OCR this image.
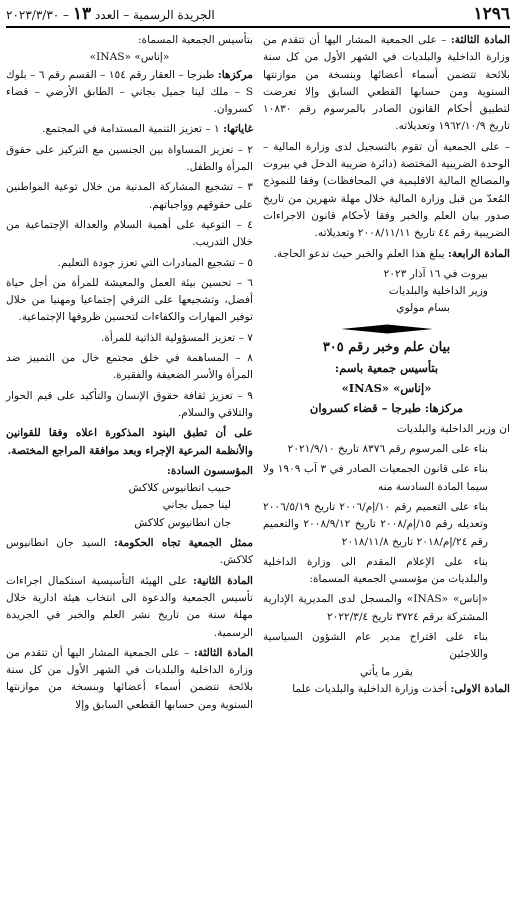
١٢٩٦
الجريدة الرسمية – العدد ١٣ – ٢٠٢٣/٣/٣٠

المادة الثالثة: – على الجمعية المشار اليها أن تتقدم من وزارة الداخلية والبلديات في الشهر الأول من كل سنة بلائحة تتضمن أسماء أعضائها وبنسخة من موازنتها السنوية ومن حسابها القطعي السابق وإلا تعرضت لتطبيق أحكام القانون الصادر بالمرسوم رقم ١٠٨٣٠ تاريخ ١٩٦٢/١٠/٩ وتعديلاته.

– على الجمعية أن تقوم بالتسجيل لدى وزارة المالية – الوحدة الضريبية المختصة (دائرة ضريبة الدخل في بيروت والمصالح المالية الاقليمية في المحافظات) وفقا للنموذج المُعدّ من قبل وزارة المالية خلال مهلة شهرين من تاريخ صدور بيان العلم والخبر وفقا لأحكام قانون الاجراءات الضريبية رقم ٤٤ تاريخ ٢٠٠٨/١١/١١ وتعديلاته.

المادة الرابعة: يبلغ هذا العلم والخبر حيث تدعو الحاجة.

بيروت في ١٦ آذار ٢٠٢٣

وزير الداخلية والبلديات

بسام مولوي

بيان علم وخبر رقم ٣٠٥

بتأسيس جمعية باسم:

«إناس» «INAS»

مركزها: طبرجا – قضاء كسروان

ان وزير الداخلية والبلديات

بناء على المرسوم رقم ٨٣٧٦ تاريخ ٢٠٢١/٩/١٠

بناء على قانون الجمعيات الصادر في ٣ آب ١٩٠٩ ولا سيما المادة السادسة منه

بناء على التعميم رقم ١٠/إم/٢٠٠٦ تاريخ ٢٠٠٦/٥/١٩ وتعديله رقم ١٥/إم/٢٠٠٨ تاريخ ٢٠٠٨/٩/١٢ والتعميم رقم ٢٤/إم/٢٠١٨ تاريخ ٢٠١٨/١١/٨

بناء على الإعلام المقدم الى وزارة الداخلية والبلديات من مؤسسي الجمعية المسماة:

«إناس» «INAS» والمسجل لدى المديرية الإدارية المشتركة برقم ٣٧٢٤ تاريخ ٢٠٢٢/٣/٤

بناء على اقتراح مدير عام الشؤون السياسية واللاجئين

يقرر ما يأتي

المادة الاولى: أخذت وزارة الداخلية والبلديات علما

بتأسيس الجمعية المسماة:

«إناس» «INAS»

مركزها: طبرجا – العقار رقم ١٥٤ – القسم رقم ٦ – بلوك S – ملك لينا جميل بجاني – الطابق الأرضي – قضاء كسروان.

غاياتها: ١ – تعزيز التنمية المستدامة في المجتمع.

٢ – تعزيز المساواة بين الجنسين مع التركيز على حقوق المرأة والطفل.

٣ – تشجيع المشاركة المدنية من خلال توعية المواطنين على حقوقهم وواجباتهم.

٤ – التوعية على أهمية السلام والعدالة الإجتماعية من خلال التدريب.

٥ – تشجيع المبادرات التي تعزز جودة التعليم.

٦ – تحسين بيئة العمل والمعيشة للمرأة من أجل حياة أفضل، وتشجيعها على الترقي إجتماعيا ومهنيا من خلال توفير المهارات والكفاءات لتحسين ظروفها الإجتماعية.

٧ – تعزيز المسؤولية الذاتية للمرأة.

٨ – المساهمة في خلق مجتمع خال من التمييز ضد المرأة والأسر الضعيفة والفقيرة.

٩ – تعزيز ثقافة حقوق الإنسان والتأكيد على قيم الحوار والتلاقي والسلام.

على أن تطبق البنود المذكورة اعلاه وفقا للقوانين والأنظمة المرعية الإجراء وبعد موافقة المراجع المختصة.

المؤسسون السادة:

حبيب انطانيوس كلاكش

لينا جميل بجاني

جان انطانيوس كلاكش

ممثل الجمعية تجاه الحكومة: السيد جان انطانيوس كلاكش.

المادة الثانية: على الهيئة التأسيسية استكمال اجراءات تأسيس الجمعية والدعوة الى انتخاب هيئة ادارية خلال مهلة سنة من تاريخ نشر العلم والخبر في الجريدة الرسمية.

المادة الثالثة: – على الجمعية المشار اليها أن تتقدم من وزارة الداخلية والبلديات في الشهر الأول من كل سنة بلائحة تتضمن أسماء أعضائها وبنسخة من موازنتها السنوية ومن حسابها القطعي السابق وإلا
